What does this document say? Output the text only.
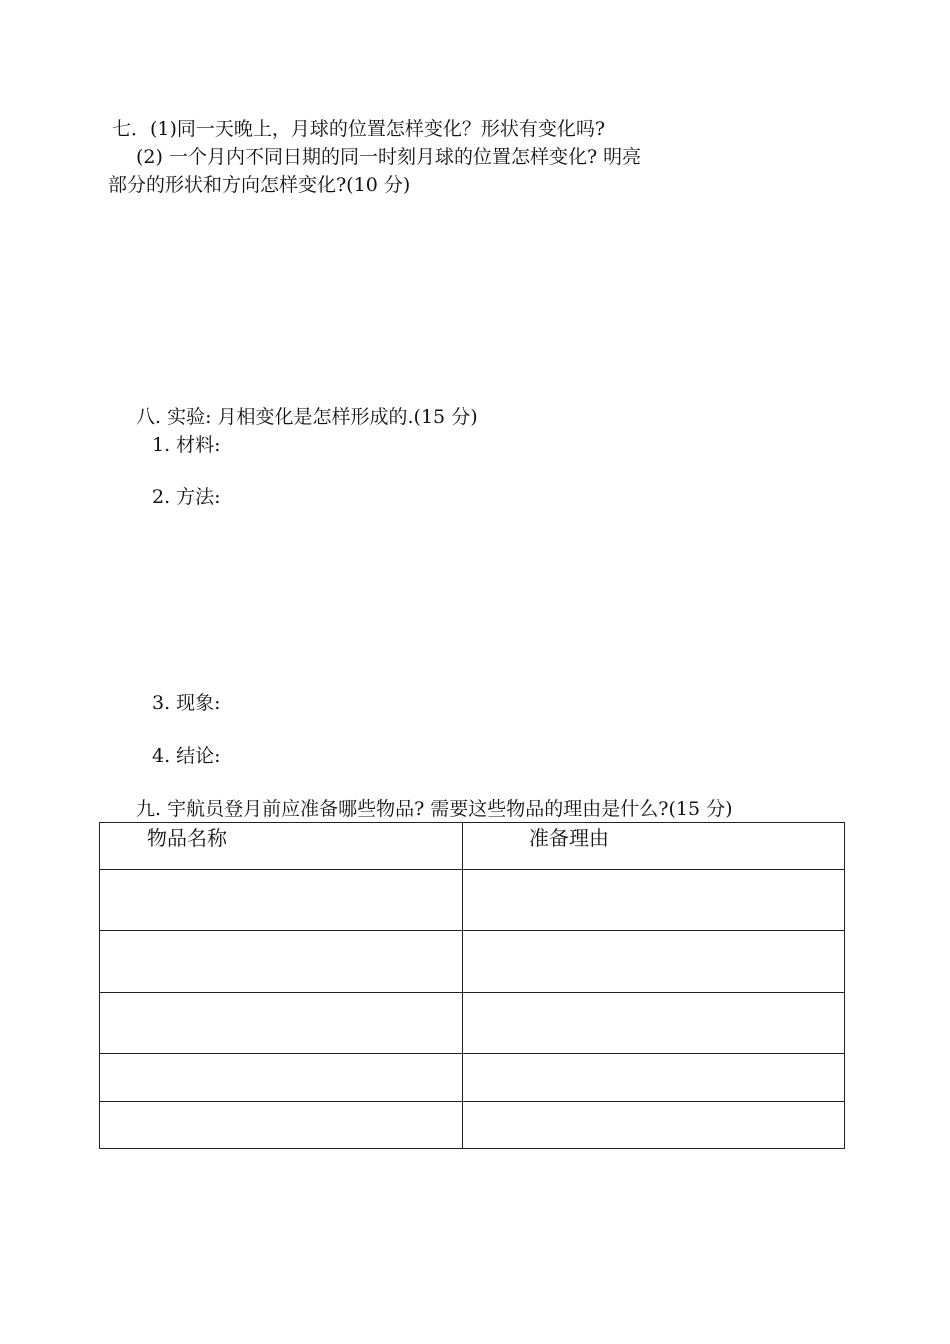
七．(1)同一天晚上，月球的位置怎样变化？形状有变化吗?
(2) 一个月内不同日期的同一时刻月球的位置怎样变化? 明亮
部分的形状和方向怎样变化?(10 分)
八. 实验: 月相变化是怎样形成的.(15 分)
1. 材料:
2. 方法:
3. 现象:
4. 结论:
九. 宇航员登月前应准备哪些物品? 需要这些物品的理由是什么?(15 分)
物品名称	准备理由
